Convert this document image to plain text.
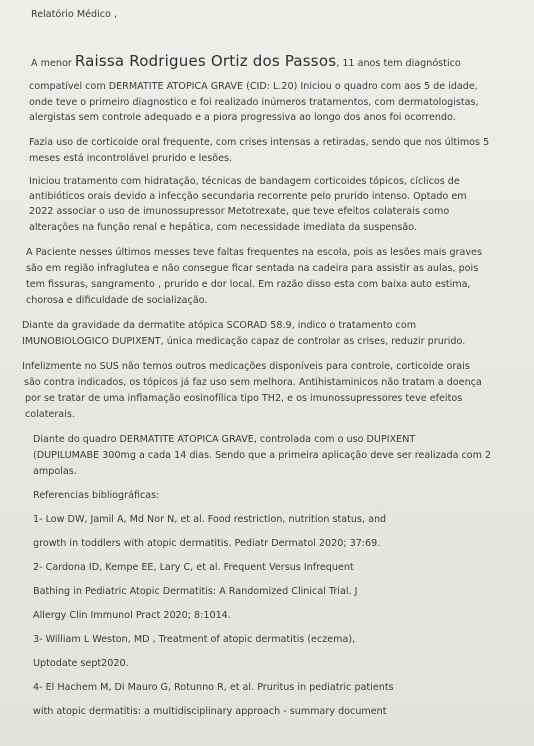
Relatório Médico ,
A menor Raissa Rodrigues Ortiz dos Passos, 11 anos tem diagnóstico
compatível com DERMATITE ATOPICA GRAVE (CID: L.20) Iniciou o quadro com aos 5 de idade,
onde teve o primeiro diagnostico e foi realizado inúmeros tratamentos, com dermatologistas,
alergistas sem controle adequado e a piora progressiva ao longo dos anos foi ocorrendo.
Fazia uso de corticoide oral frequente, com crises intensas a retiradas, sendo que nos últimos 5
meses está incontrolável prurido e lesões.
Iniciou tratamento com hidratação, técnicas de bandagem corticoides tópicos, cíclicos de
antibióticos orais devido a infecção secundaria recorrente pelo prurido intenso. Optado em
2022 associar o uso de imunossupressor Metotrexate, que teve efeitos colaterais como
alterações na função renal e hepática, com necessidade imediata da suspensão.
A Paciente nesses últimos messes teve faltas frequentes na escola, pois as lesões mais graves
são em região infraglutea e não consegue ficar sentada na cadeira para assistir as aulas, pois
tem fissuras, sangramento , prurido e dor local. Em razão disso esta com baixa auto estima,
chorosa e dificuldade de socialização.
Diante da gravidade da dermatite atópica SCORAD 58.9, indico o tratamento com
IMUNOBIOLOGICO DUPIXENT, única medicação capaz de controlar as crises, reduzir prurido.
Infelizmente no SUS não temos outros medicações disponíveis para controle, corticoide orais
são contra indicados, os tópicos já faz uso sem melhora. Antihistaminicos não tratam a doença
por se tratar de uma inflamação eosinofílica tipo TH2, e os imunossupressores teve efeitos
colaterais.
Diante do quadro DERMATITE ATOPICA GRAVE, controlada com o uso DUPIXENT
(DUPILUMABE 300mg a cada 14 dias. Sendo que a primeira aplicação deve ser realizada com 2
ampolas.
Referencias bibliográficas:
1- Low DW, Jamil A, Md Nor N, et al. Food restriction, nutrition status, and
growth in toddlers with atopic dermatitis. Pediatr Dermatol 2020; 37:69.
2- Cardona ID, Kempe EE, Lary C, et al. Frequent Versus Infrequent
Bathing in Pediatric Atopic Dermatitis: A Randomized Clinical Trial. J
Allergy Clin Immunol Pract 2020; 8:1014.
3- William L Weston, MD , Treatment of atopic dermatitis (eczema),
Uptodate sept2020.
4- El Hachem M, Di Mauro G, Rotunno R, et al. Pruritus in pediatric patients
with atopic dermatitis: a multidisciplinary approach - summary document
